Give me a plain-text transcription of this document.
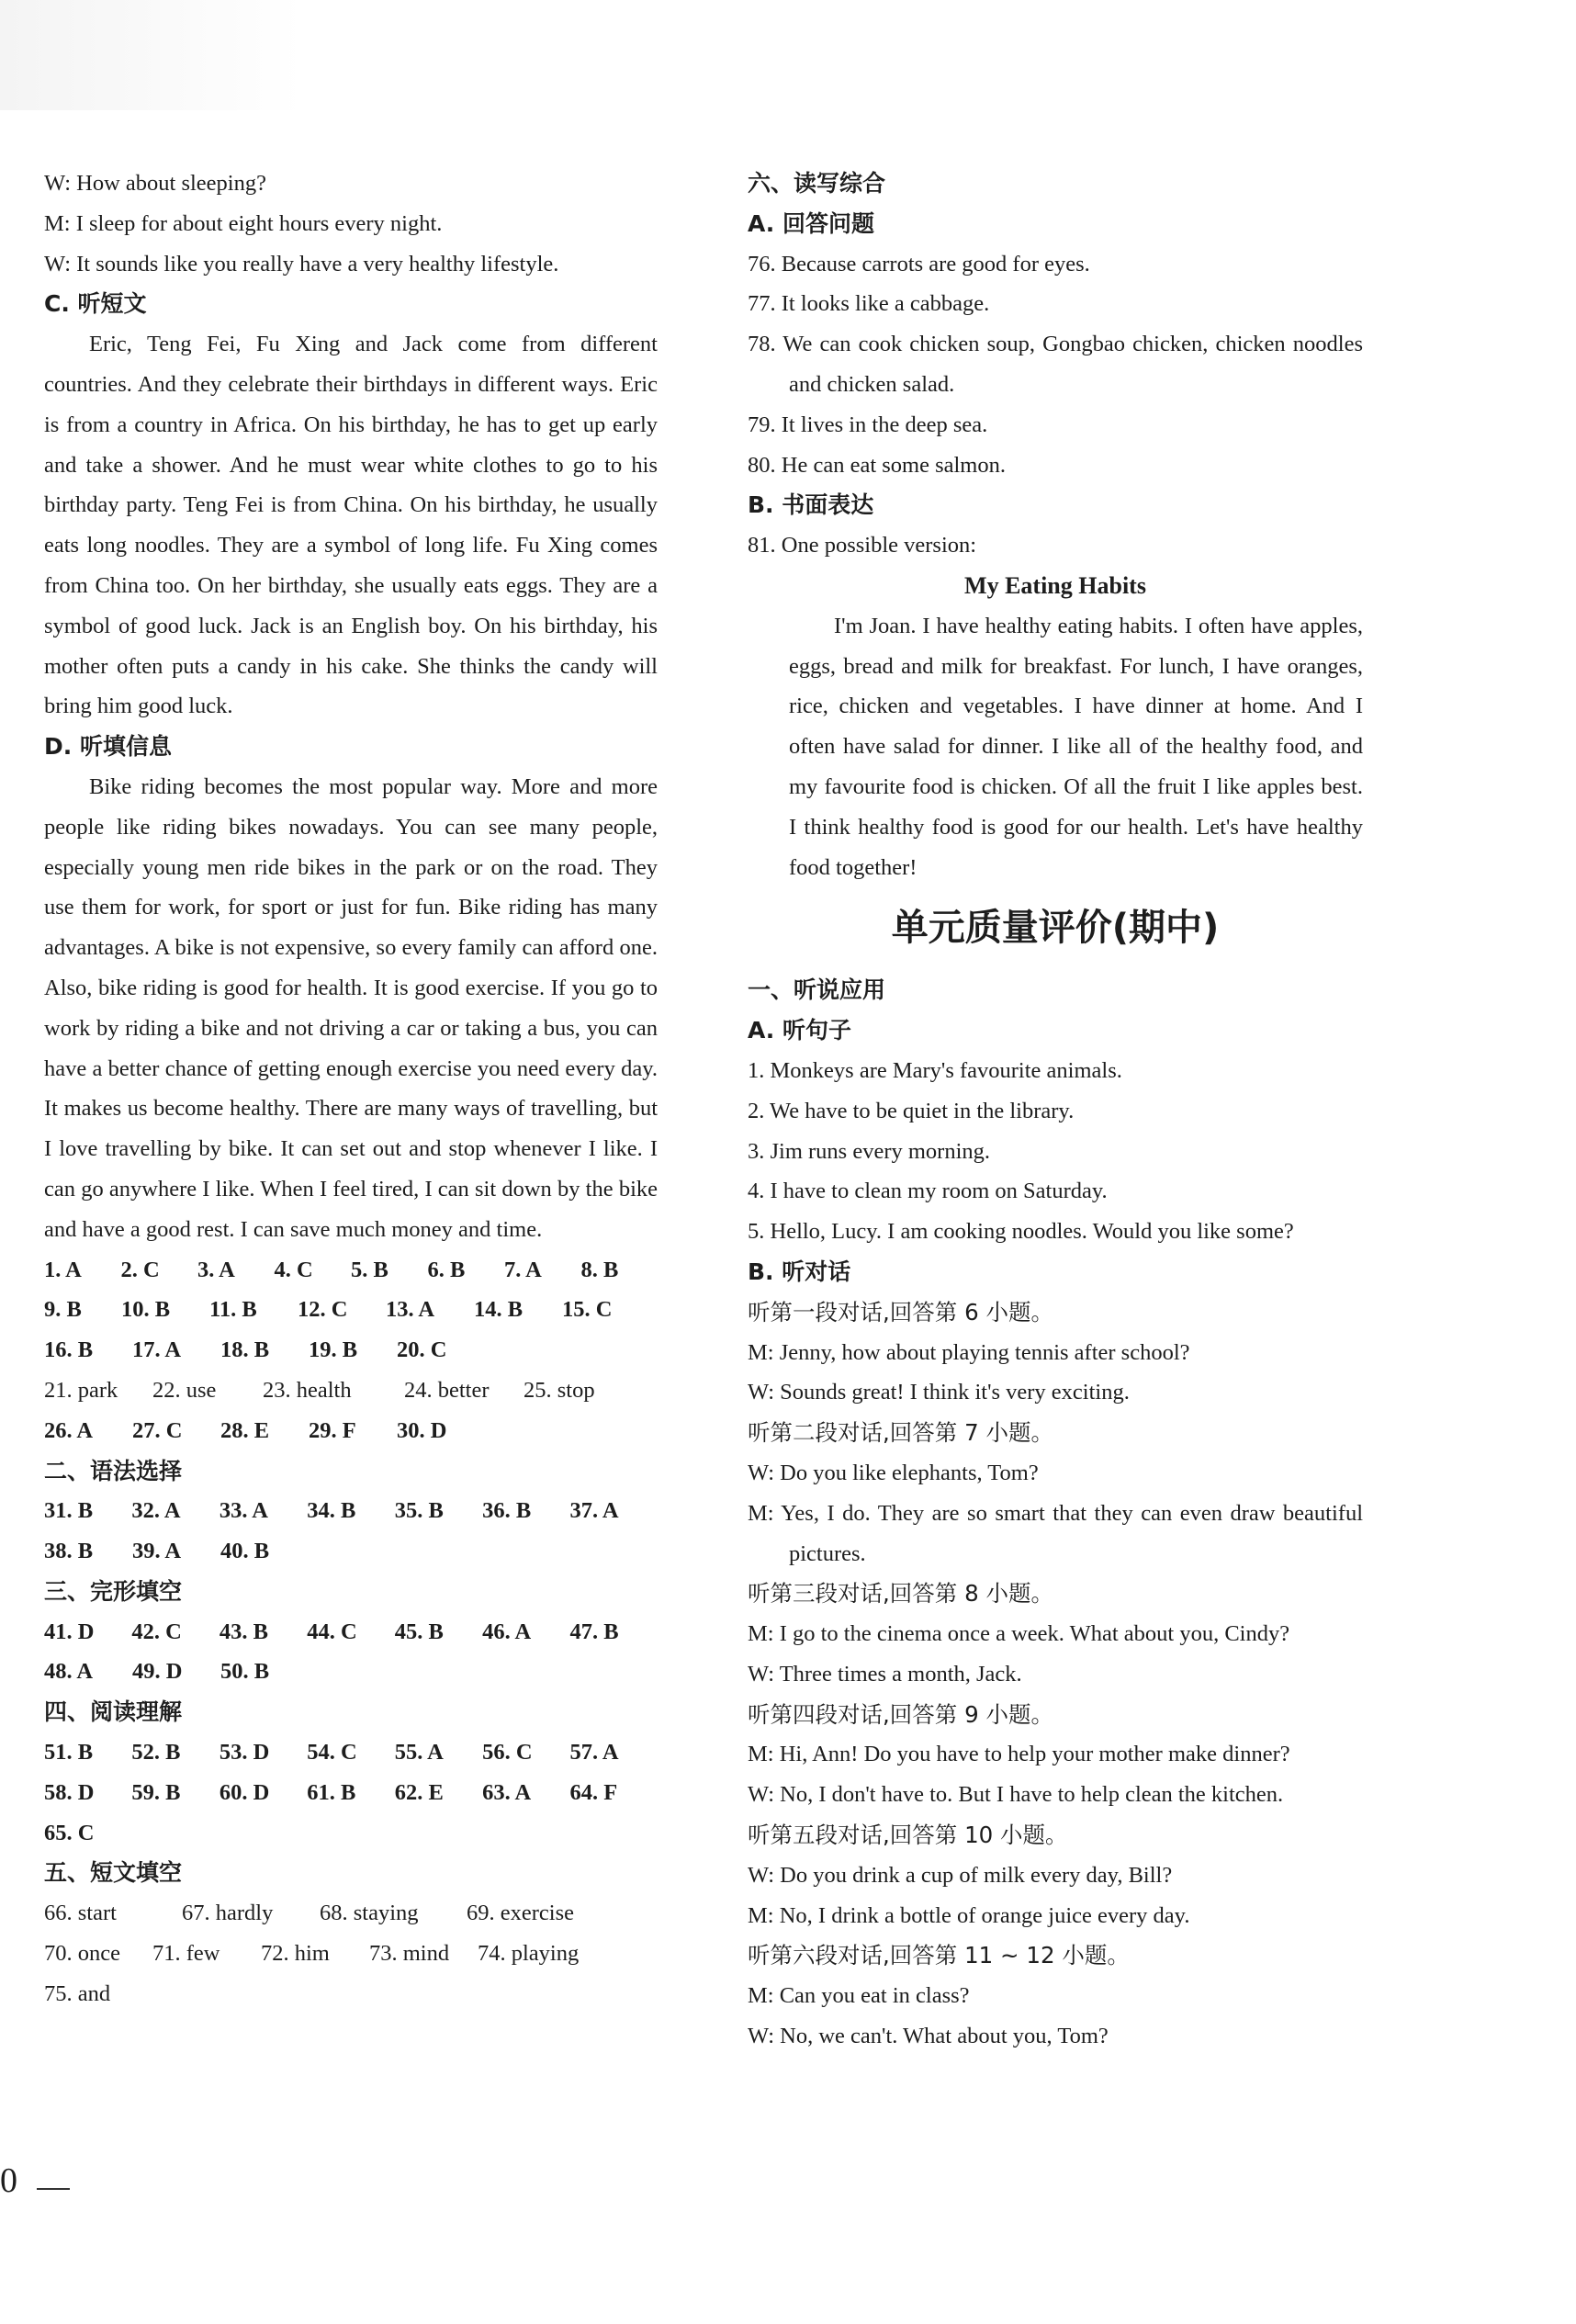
W: How about sleeping?
M: I sleep for about eight hours every night.
W: It sounds like you really have a very healthy lifestyle.
C. 听短文

Eric, Teng Fei, Fu Xing and Jack come from different countries. And they celebrate their birthdays in different ways. Eric is from a country in Africa. On his birthday, he has to get up early and take a shower. And he must wear white clothes to go to his birthday party. Teng Fei is from China. On his birthday, he usually eats long noodles. They are a symbol of long life. Fu Xing comes from China too. On her birthday, she usually eats eggs. They are a symbol of good luck. Jack is an English boy. On his birthday, his mother often puts a candy in his cake. She thinks the candy will bring him good luck.

D. 听填信息

Bike riding becomes the most popular way. More and more people like riding bikes nowadays. You can see many people, especially young men ride bikes in the park or on the road. They use them for work, for sport or just for fun. Bike riding has many advantages. A bike is not expensive, so every family can afford one. Also, bike riding is good for health. It is good exercise. If you go to work by riding a bike and not driving a car or taking a bus, you can have a better chance of getting enough exercise you need every day. It makes us become healthy. There are many ways of travelling, but I love travelling by bike. It can set out and stop whenever I like. I can go anywhere I like. When I feel tired, I can sit down by the bike and have a good rest. I can save much money and time.

1. A	2. C	3. A	4. C	5. B	6. B	7. A	8. B
9. B	10. B	11. B	12. C	13. A	14. B	15. C
16. B	17. A	18. B	19. B	20. C
21. park	22. use	23. health	24. better	25. stop
26. A	27. C	28. E	29. F	30. D
二、语法选择
31. B	32. A	33. A	34. B	35. B	36. B	37. A
38. B	39. A	40. B
三、完形填空
41. D	42. C	43. B	44. C	45. B	46. A	47. B
48. A	49. D	50. B
四、阅读理解
51. B	52. B	53. D	54. C	55. A	56. C	57. A
58. D	59. B	60. D	61. B	62. E	63. A	64. F
65. C
五、短文填空
66. start	67. hardly	68. staying	69. exercise
70. once	71. few	72. him	73. mind	74. playing
75. and
六、读写综合
A. 回答问题
76. Because carrots are good for eyes.
77. It looks like a cabbage.
78. We can cook chicken soup, Gongbao chicken, chicken noodles and chicken salad.
79. It lives in the deep sea.
80. He can eat some salmon.
B. 书面表达
81. One possible version:
My Eating Habits

I'm Joan. I have healthy eating habits. I often have apples, eggs, bread and milk for breakfast. For lunch, I have oranges, rice, chicken and vegetables. I have dinner at home. And I often have salad for dinner. I like all of the healthy food, and my favourite food is chicken. Of all the fruit I like apples best. I think healthy food is good for our health. Let's have healthy food together!

单元质量评价(期中)
一、听说应用
A. 听句子
1. Monkeys are Mary's favourite animals.
2. We have to be quiet in the library.
3. Jim runs every morning.
4. I have to clean my room on Saturday.
5. Hello, Lucy. I am cooking noodles. Would you like some?
B. 听对话
听第一段对话,回答第 6 小题。
M: Jenny, how about playing tennis after school?
W: Sounds great! I think it's very exciting.
听第二段对话,回答第 7 小题。
W: Do you like elephants, Tom?
M: Yes, I do. They are so smart that they can even draw beautiful pictures.
听第三段对话,回答第 8 小题。
M: I go to the cinema once a week. What about you, Cindy?
W: Three times a month, Jack.
听第四段对话,回答第 9 小题。
M: Hi, Ann! Do you have to help your mother make dinner?
W: No, I don't have to. But I have to help clean the kitchen.
听第五段对话,回答第 10 小题。
W: Do you drink a cup of milk every day, Bill?
M: No, I drink a bottle of orange juice every day.
听第六段对话,回答第 11 ~ 12 小题。
M: Can you eat in class?
W: No, we can't. What about you, Tom?
0
